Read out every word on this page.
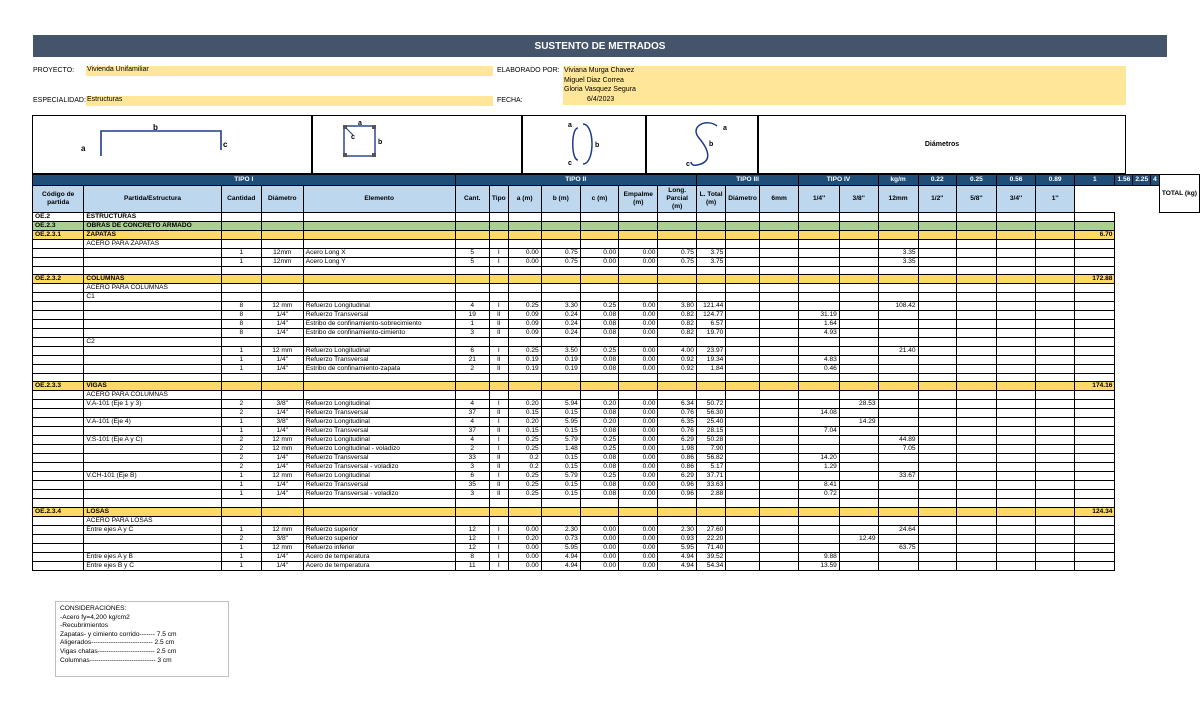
SUSTENTO DE METRADOS
PROYECTO: Vivienda Unifamiliar
ESPECIALIDAD: Estructuras
ELABORADO POR: Viviana Murga Chavez
Miguel Diaz Correa
Gloria Vasquez Segura
6/4/2023
FECHA:
a
b
c
a
b
c
a
b
c
a
b
c
Diámetros
TIPO I					TIPO II							TIPO III			TIPO IV		kg/m	0.22	0.25	0.56	0.89	1	1.56	2.25	4	TOTAL (kg)
Código de partida	Partida/Estructura	Cantidad	Diámetro	Elemento	Cant.	Tipo	a (m)	b (m)	c (m)	Empalme (m)	Long. Parcial (m)	L. Total (m)	Diámetro	6mm	1/4''	3/8''	12mm	1/2''	5/8''	3/4''	1''					
OE.2	ESTRUCTURAS																									
OE.2.3	OBRAS DE CONCRETO ARMADO																									
OE.2.3.1	ZAPATAS																					6.70				
	ACERO PARA ZAPATAS																									
		1	12mm	Acero Long X	5	I	0.00	0.75	0.00	0.00	0.75	3.75					3.35									
		1	12mm	Acero Long Y	5	I	0.00	0.75	0.00	0.00	0.75	3.75					3.35									

OE.2.3.2	COLUMNAS																					172.88				
	ACERO PARA COLUMNAS																									
	C1																									
		8	12 mm	Refuerzo Longitudinal	4	I	0.25	3.30	0.25	0.00	3.80	121.44					108.42									
		8	1/4"	Refuerzo Transversal	19	II	0.09	0.24	0.08	0.00	0.82	124.77			31.19											
		8	1/4"	Estribo de confinamiento-sobrecimiento	1	II	0.09	0.24	0.08	0.00	0.82	6.57			1.64											
		8	1/4"	Estribo de confinamiento-cimiento	3	II	0.09	0.24	0.08	0.00	0.82	19.70			4.93											
	C2																									
		1	12 mm	Refuerzo Longitudinal	6	I	0.25	3.50	0.25	0.00	4.00	23.97					21.40									
		1	1/4"	Refuerzo Transversal	21	II	0.19	0.19	0.08	0.00	0.92	19.34			4.83											
		1	1/4"	Estribo de confinamiento-zapata	2	II	0.19	0.19	0.08	0.00	0.92	1.84			0.46											

OE.2.3.3	VIGAS																					174.16				
	ACERO PARA COLUMNAS																									
	V.A-101 (Eje 1 y 3)	2	3/8"	Refuerzo Longitudinal	4	I	0.20	5.94	0.20	0.00	6.34	50.72				28.53										
		2	1/4"	Refuerzo Transversal	37	II	0.15	0.15	0.08	0.00	0.76	56.30			14.08											
	V.A-101 (Eje 4)	1	3/8"	Refuerzo Longitudinal	4	I	0.20	5.95	0.20	0.00	6.35	25.40				14.29										
		1	1/4"	Refuerzo Transversal	37	II	0.15	0.15	0.08	0.00	0.76	28.15			7.04											
	V.S-101 (Eje A y C)	2	12 mm	Refuerzo Longitudinal	4	I	0.25	5.79	0.25	0.00	6.29	50.28					44.89									
		2	12 mm	Refuerzo Longitudinal - voladizo	2	I	0.25	1.48	0.25	0.00	1.98	7.90					7.05									
		2	1/4"	Refuerzo Transversal	33	II	0.2	0.15	0.08	0.00	0.86	56.82			14.20											
		2	1/4"	Refuerzo Transversal - voladizo	3	II	0.2	0.15	0.08	0.00	0.86	5.17			1.29											
	V.CH-101 (Eje B)	1	12 mm	Refuerzo Longitudinal	6	I	0.25	5.79	0.25	0.00	6.29	37.71					33.67									
		1	1/4"	Refuerzo Transversal	35	II	0.25	0.15	0.08	0.00	0.96	33.63			8.41											
		1	1/4"	Refuerzo Transversal - voladizo	3	II	0.25	0.15	0.08	0.00	0.96	2.88			0.72											

OE.2.3.4	LOSAS																					124.34				
	ACERO PARA LOSAS																									
	Entre ejes A y C	1	12 mm	Refuerzo superior	12	I	0.00	2.30	0.00	0.00	2.30	27.60					24.64									
		2	3/8"	Refuerzo superior	12	I	0.20	0.73	0.00	0.00	0.93	22.20				12.49										
		1	12 mm	Refuerzo inferior	12	I	0.00	5.95	0.00	0.00	5.95	71.40					63.75									
	Entre ejes A y B	1	1/4"	Acero de temperatura	8	I	0.00	4.94	0.00	0.00	4.94	39.52			9.88											
	Entre ejes B y C	1	1/4"	Acero de temperatura	11	I	0.00	4.94	0.00	0.00	4.94	54.34			13.59											
CONSIDERACIONES:
-Acero fy=4,200 kg/cm2
-Recubrimientos
Zapatas- y cimiento corrido------- 7.5 cm
Aligerados---------------------------- 2.5 cm
Vigas chatas-------------------------- 2.5 cm
Columnas------------------------------ 3 cm
